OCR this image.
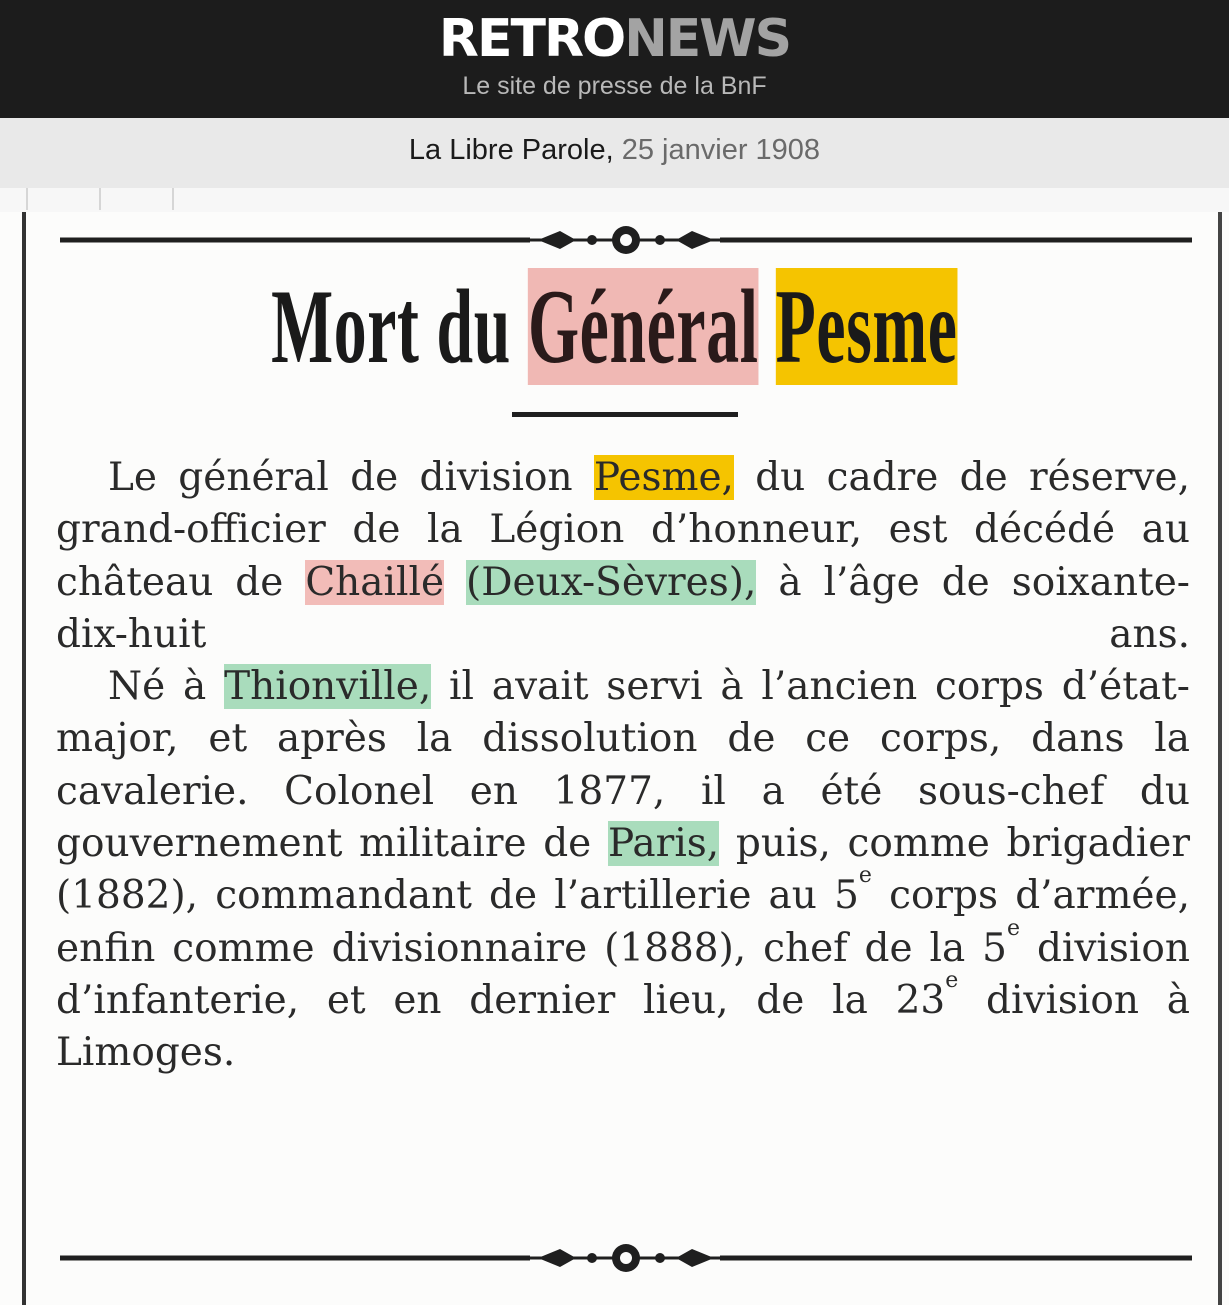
RETRONEWS
Le site de presse de la BnF
La Libre Parole, 25 janvier 1908
Mort du Général Pesme

Le général de division Pesme, du cadre de réserve, grand-officier de la Légion d’honneur, est décédé au château de Chaillé (Deux-Sèvres), à l’âge de soixante-dix-huit ans.

Né à Thionville, il avait servi à l’ancien corps d’état-major, et après la dissolution de ce corps, dans la cavalerie. Colonel en 1877, il a été sous-chef du gouvernement militaire de Paris, puis, comme brigadier (1882), commandant de l’artillerie au 5e corps d’armée, enfin comme divisionnaire (1888), chef de la 5e division d’infanterie, et en dernier lieu, de la 23e division à Limoges.
